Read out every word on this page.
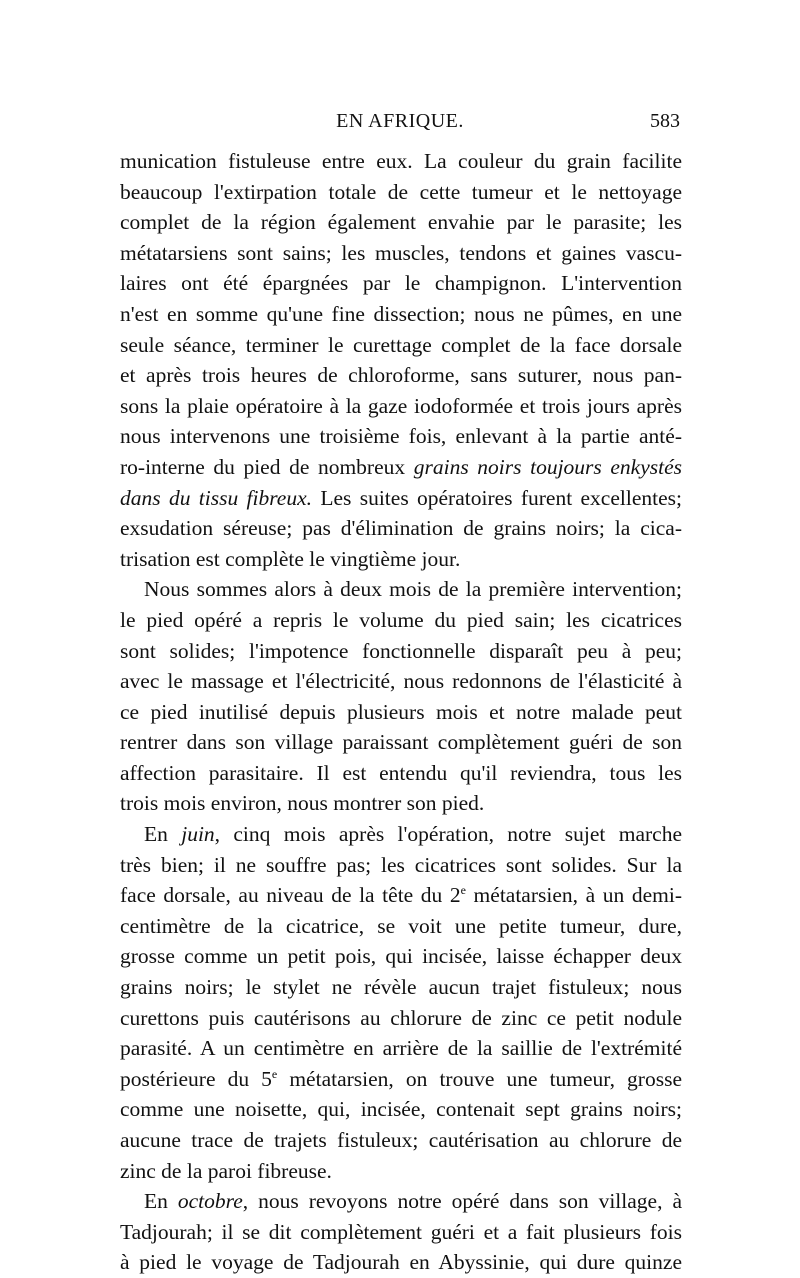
EN AFRIQUE.	583
munication fistuleuse entre eux. La couleur du grain facilite
beaucoup l'extirpation totale de cette tumeur et le nettoyage
complet de la région également envahie par le parasite; les
métatarsiens sont sains; les muscles, tendons et gaines vascu-
laires ont été épargnées par le champignon. L'intervention
n'est en somme qu'une fine dissection; nous ne pûmes, en une
seule séance, terminer le curettage complet de la face dorsale
et après trois heures de chloroforme, sans suturer, nous pan-
sons la plaie opératoire à la gaze iodoformée et trois jours après
nous intervenons une troisième fois, enlevant à la partie anté-
ro-interne du pied de nombreux grains noirs toujours enkystés
dans du tissu fibreux. Les suites opératoires furent excellentes;
exsudation séreuse; pas d'élimination de grains noirs; la cica-
trisation est complète le vingtième jour.
Nous sommes alors à deux mois de la première intervention;
le pied opéré a repris le volume du pied sain; les cicatrices
sont solides; l'impotence fonctionnelle disparaît peu à peu;
avec le massage et l'électricité, nous redonnons de l'élasticité à
ce pied inutilisé depuis plusieurs mois et notre malade peut
rentrer dans son village paraissant complètement guéri de son
affection parasitaire. Il est entendu qu'il reviendra, tous les
trois mois environ, nous montrer son pied.
En juin, cinq mois après l'opération, notre sujet marche
très bien; il ne souffre pas; les cicatrices sont solides. Sur la
face dorsale, au niveau de la tête du 2e métatarsien, à un demi-
centimètre de la cicatrice, se voit une petite tumeur, dure,
grosse comme un petit pois, qui incisée, laisse échapper deux
grains noirs; le stylet ne révèle aucun trajet fistuleux; nous
curettons puis cautérisons au chlorure de zinc ce petit nodule
parasité. A un centimètre en arrière de la saillie de l'extrémité
postérieure du 5e métatarsien, on trouve une tumeur, grosse
comme une noisette, qui, incisée, contenait sept grains noirs;
aucune trace de trajets fistuleux; cautérisation au chlorure de
zinc de la paroi fibreuse.
En octobre, nous revoyons notre opéré dans son village, à
Tadjourah; il se dit complètement guéri et a fait plusieurs fois
à pied le voyage de Tadjourah en Abyssinie, qui dure quinze
